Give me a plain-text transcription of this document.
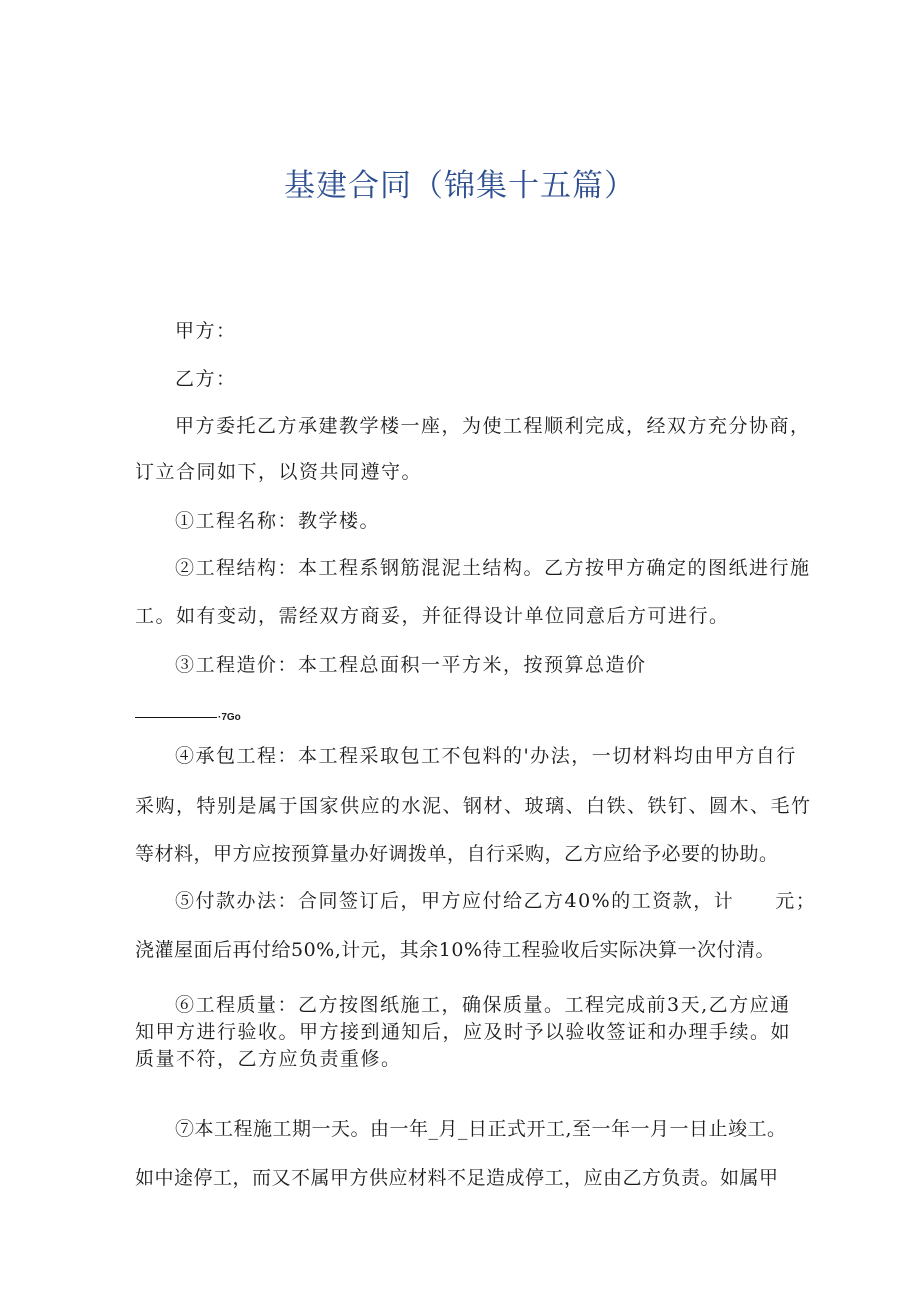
基建合同（锦集十五篇）
甲方：
乙方：
甲方委托乙方承建教学楼一座，为使工程顺利完成，经双方充分协商，
订立合同如下，以资共同遵守。
①工程名称：教学楼。
②工程结构：本工程系钢筋混泥土结构。乙方按甲方确定的图纸进行施
工。如有变动，需经双方商妥，并征得设计单位同意后方可进行。
③工程造价：本工程总面积一平方米，按预算总造价
·7Go
④承包工程：本工程采取包工不包料的'办法，一切材料均由甲方自行
采购，特别是属于国家供应的水泥、钢材、玻璃、白铁、铁钉、圆木、毛竹
等材料，甲方应按预算量办好调拨单，自行采购，乙方应给予必要的协助。
⑤付款办法：合同签订后，甲方应付给乙方40%的工资款，计　　元；
浇灌屋面后再付给50%,计元，其余10%待工程验收后实际决算一次付清。
⑥工程质量：乙方按图纸施工，确保质量。工程完成前3天,乙方应通
知甲方进行验收。甲方接到通知后，应及时予以验收签证和办理手续。如
质量不符，乙方应负责重修。
⑦本工程施工期一天。由一年_月_日正式开工,至一年一月一日止竣工。
如中途停工，而又不属甲方供应材料不足造成停工，应由乙方负责。如属甲
